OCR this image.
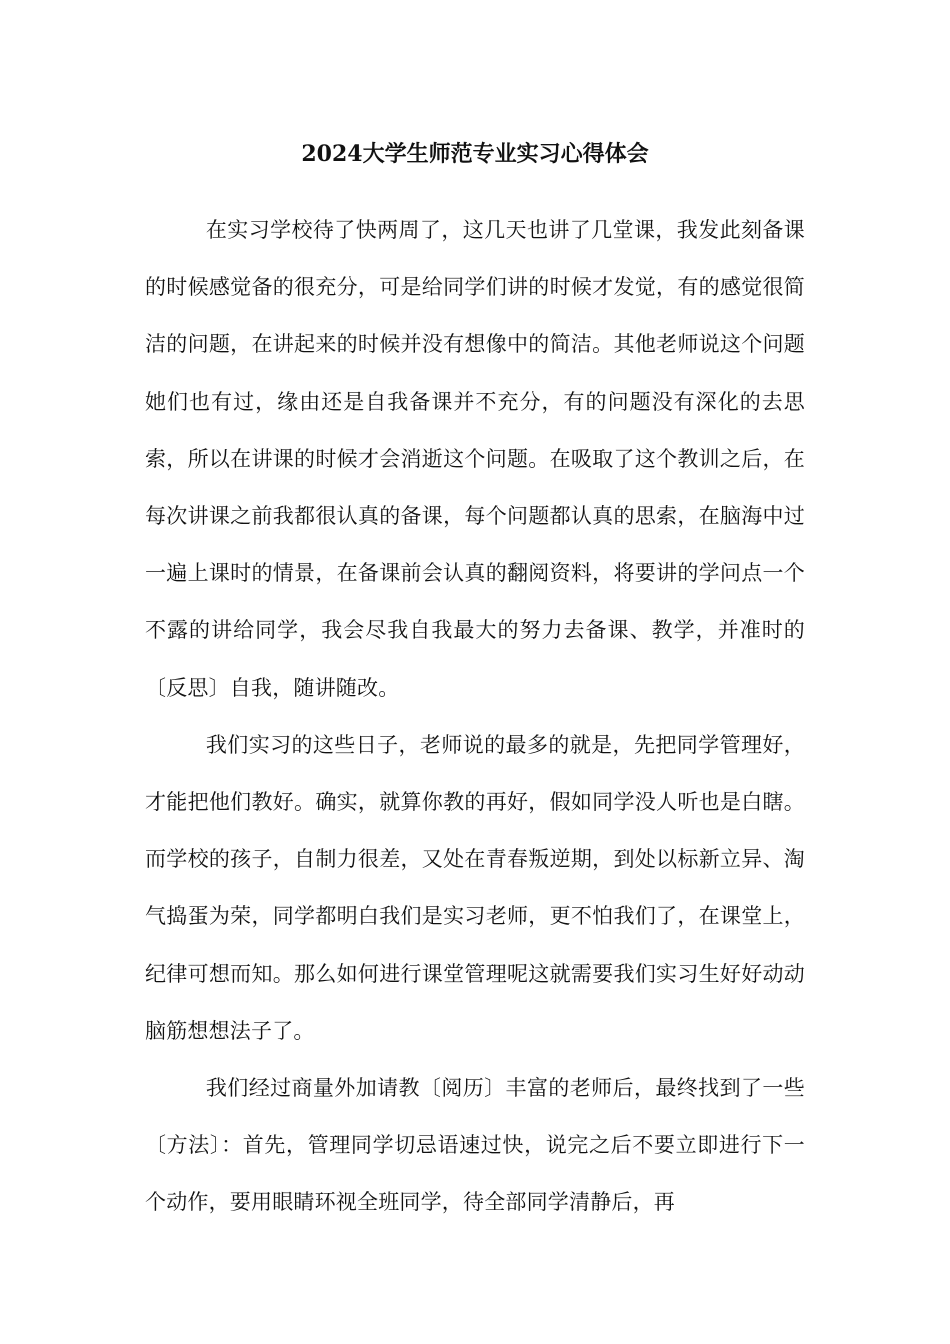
2024大学生师范专业实习心得体会

在实习学校待了快两周了，这几天也讲了几堂课，我发此刻备课的时候感觉备的很充分，可是给同学们讲的时候才发觉，有的感觉很简洁的问题，在讲起来的时候并没有想像中的简洁。其他老师说这个问题她们也有过，缘由还是自我备课并不充分，有的问题没有深化的去思索，所以在讲课的时候才会消逝这个问题。在吸取了这个教训之后，在每次讲课之前我都很认真的备课，每个问题都认真的思索，在脑海中过一遍上课时的情景，在备课前会认真的翻阅资料，将要讲的学问点一个不露的讲给同学，我会尽我自我最大的努力去备课、教学，并准时的〔反思〕自我，随讲随改。

我们实习的这些日子，老师说的最多的就是，先把同学管理好，才能把他们教好。确实，就算你教的再好，假如同学没人听也是白瞎。而学校的孩子，自制力很差，又处在青春叛逆期，到处以标新立异、淘气捣蛋为荣，同学都明白我们是实习老师，更不怕我们了，在课堂上，纪律可想而知。那么如何进行课堂管理呢这就需要我们实习生好好动动脑筋想想法子了。

我们经过商量外加请教〔阅历〕丰富的老师后，最终找到了一些〔方法〕：首先，管理同学切忌语速过快，说完之后不要立即进行下一个动作，要用眼睛环视全班同学，待全部同学清静后，再
